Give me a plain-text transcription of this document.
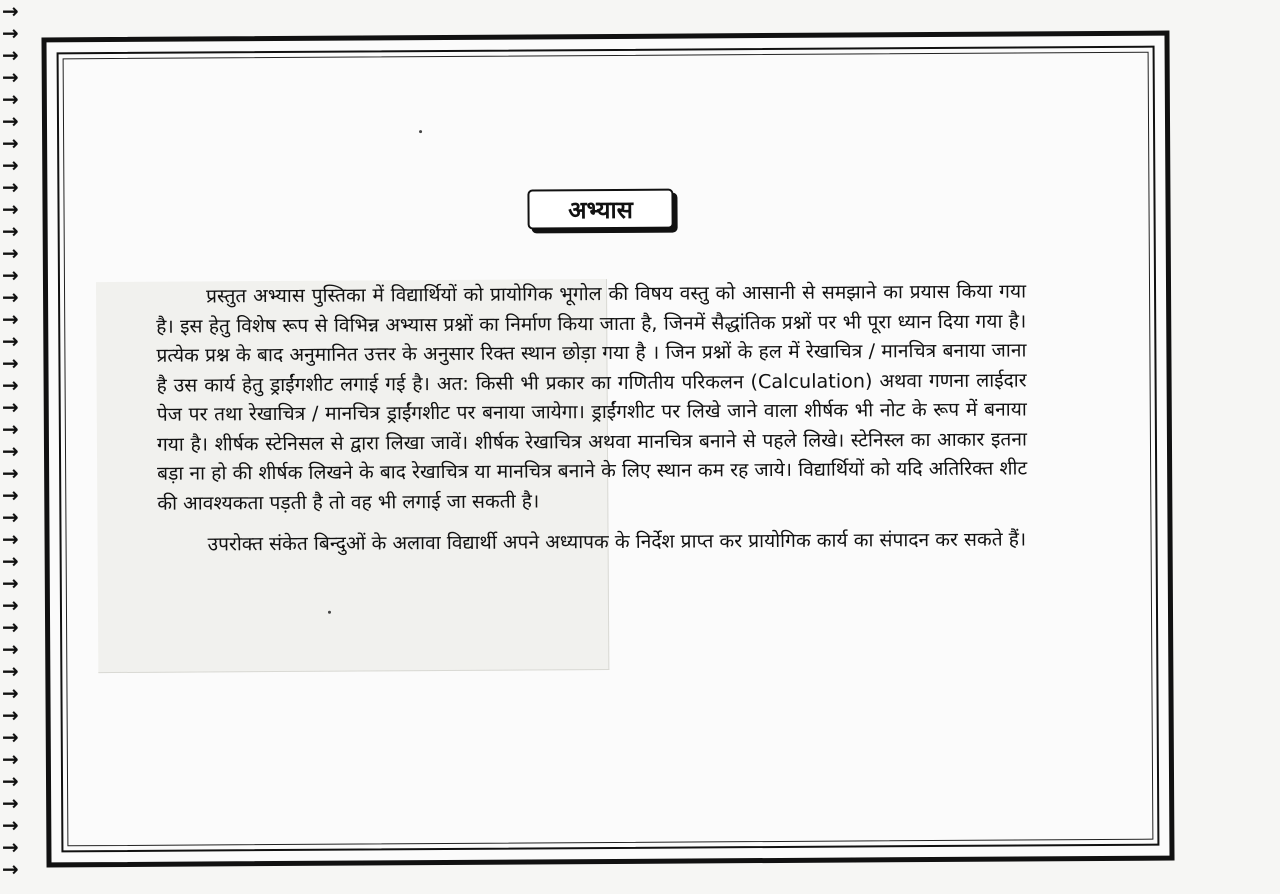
→
→
→
→
→
→
→
→
→
→
→
→
→
→
→
→
→
→
→
→
→
→
→
→
→
→
→
→
→
→
→
→
→
→
→
→
→
→
→
→
अभ्यास

प्रस्तुत अभ्यास पुस्तिका में विद्यार्थियों को प्रायोगिक भूगोल की विषय वस्तु को आसानी से समझाने का प्रयास किया गया है। इस हेतु विशेष रूप से विभिन्न अभ्यास प्रश्नों का निर्माण किया जाता है, जिनमें सैद्धांतिक प्रश्नों पर भी पूरा ध्यान दिया गया है। प्रत्येक प्रश्न के बाद अनुमानित उत्तर के अनुसार रिक्त स्थान छोड़ा गया है । जिन प्रश्नों के हल में रेखाचित्र / मानचित्र बनाया जाना है उस कार्य हेतु ड्राईंगशीट लगाई गई है। अत: किसी भी प्रकार का गणितीय परिकलन (Calculation) अथवा गणना लाईदार पेज पर तथा रेखाचित्र / मानचित्र ड्राईंगशीट पर बनाया जायेगा। ड्राईंगशीट पर लिखे जाने वाला शीर्षक भी नोट के रूप में बनाया गया है। शीर्षक स्टेनिसल से द्वारा लिखा जावें। शीर्षक रेखाचित्र अथवा मानचित्र बनाने से पहले लिखे। स्टेनिस्ल का आकार इतना बड़ा ना हो की शीर्षक लिखने के बाद रेखाचित्र या मानचित्र बनाने के लिए स्थान कम रह जाये। विद्यार्थियों को यदि अतिरिक्त शीट की आवश्यकता पड़ती है तो वह भी लगाई जा सकती है।

उपरोक्त संकेत बिन्दुओं के अलावा विद्यार्थी अपने अध्यापक के निर्देश प्राप्त कर प्रायोगिक कार्य का संपादन कर सकते हैं।
